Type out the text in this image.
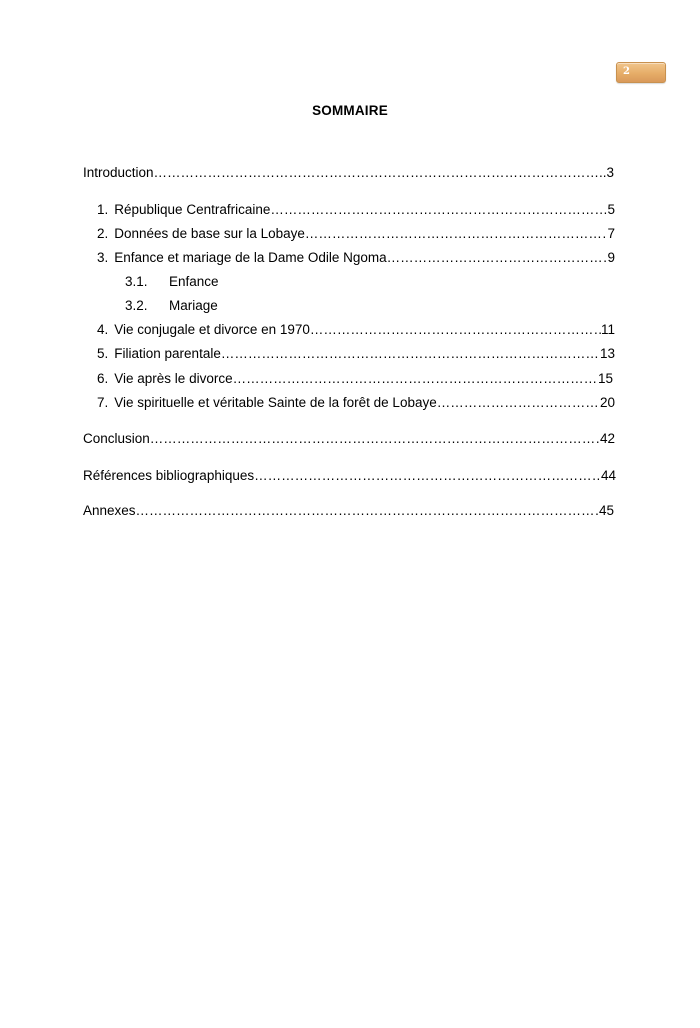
2
SOMMAIRE
Introduction ……………………………………………………………………………………………………………………………………………………………………………………	..3
1. République Centrafricaine ……………………………………………………………………………………………………………………………………………………………………………………	5
2. Données de base sur la Lobaye ……………………………………………………………………………………………………………………………………………………………………………………	7
3. Enfance et mariage de la Dame Odile Ngoma ……………………………………………………………………………………………………………………………………………………………………………………	9
3.1.	Enfance
3.2.	Mariage
4. Vie conjugale et divorce en 1970 ……………………………………………………………………………………………………………………………………………………………………………………	11
5. Filiation parentale ……………………………………………………………………………………………………………………………………………………………………………………	13
6. Vie après le divorce ……………………………………………………………………………………………………………………………………………………………………………………	15
7. Vie spirituelle et véritable Sainte de la forêt de Lobaye ……………………………………………………………………………………………………………………………………………………………………………………	20
Conclusion ……………………………………………………………………………………………………………………………………………………………………………………	42
Références bibliographiques ……………………………………………………………………………………………………………………………………………………………………………………	44
Annexes ……………………………………………………………………………………………………………………………………………………………………………………	45
